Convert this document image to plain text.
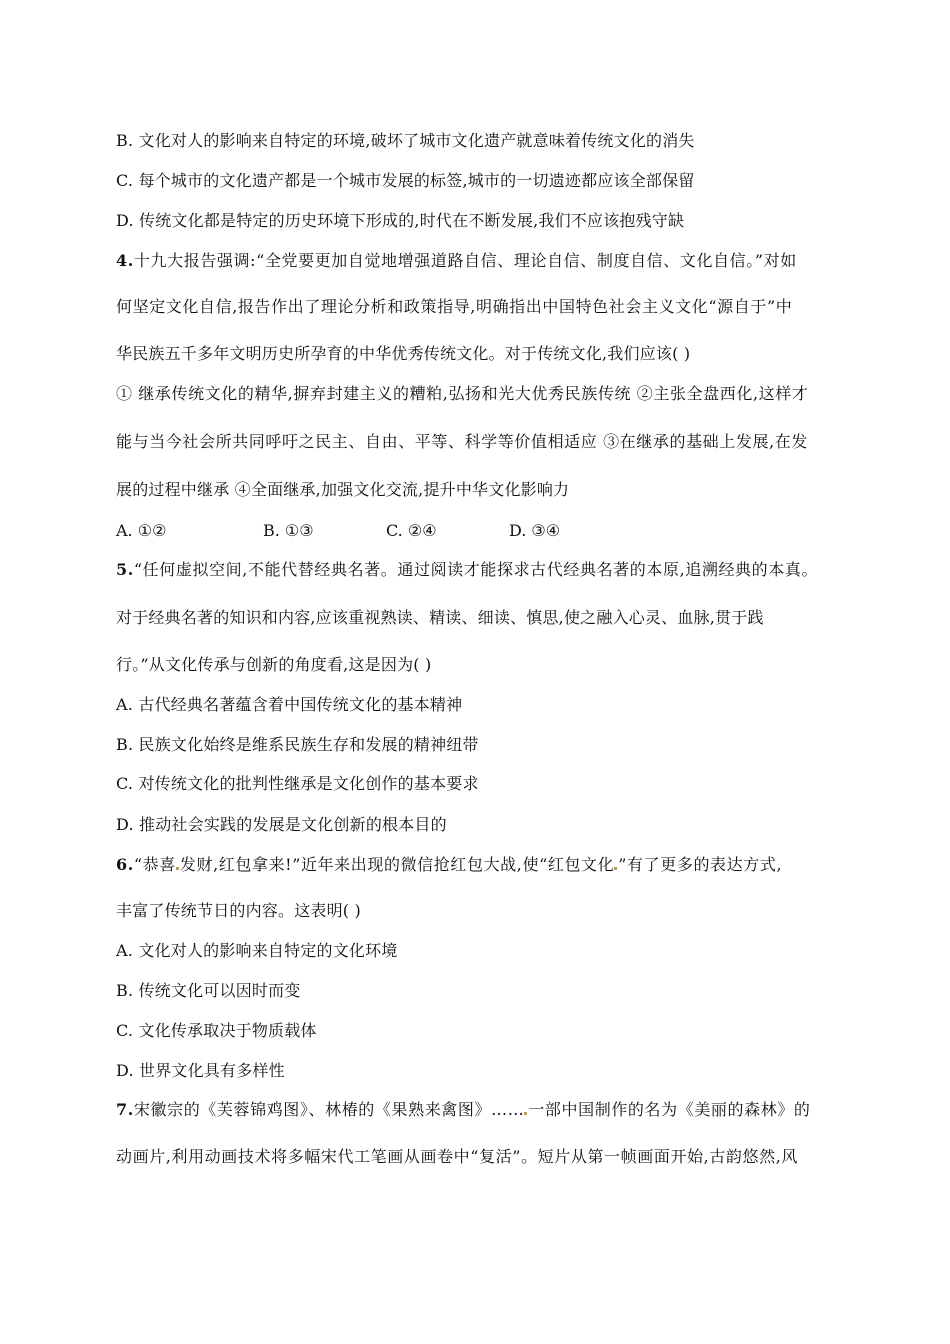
B. 文化对人的影响来自特定的环境,破坏了城市文化遗产就意味着传统文化的消失
C. 每个城市的文化遗产都是一个城市发展的标签,城市的一切遗迹都应该全部保留
D. 传统文化都是特定的历史环境下形成的,时代在不断发展,我们不应该抱残守缺
4.十九大报告强调:“全党要更加自觉地增强道路自信、理论自信、制度自信、文化自信。”对如
何坚定文化自信,报告作出了理论分析和政策指导,明确指出中国特色社会主义文化“源自于”中
华民族五千多年文明历史所孕育的中华优秀传统文化。对于传统文化,我们应该( )
① 继承传统文化的精华,摒弃封建主义的糟粕,弘扬和光大优秀民族传统 ②主张全盘西化,这样才
能与当今社会所共同呼吁之民主、自由、平等、科学等价值相适应 ③在继承的基础上发展,在发
展的过程中继承 ④全面继承,加强文化交流,提升中华文化影响力
A. ①②	B. ①③	C. ②④	D. ③④
5.“任何虚拟空间,不能代替经典名著。通过阅读才能探求古代经典名著的本原,追溯经典的本真。
对于经典名著的知识和内容,应该重视熟读、精读、细读、慎思,使之融入心灵、血脉,贯于践
行。”从文化传承与创新的角度看,这是因为( )
A. 古代经典名著蕴含着中国传统文化的基本精神
B. 民族文化始终是维系民族生存和发展的精神纽带
C. 对传统文化的批判性继承是文化创作的基本要求
D. 推动社会实践的发展是文化创新的根本目的
6.“恭喜 发财,红包拿来!”近年来出现的微信抢红包大战,使“红包文化 ”有了更多的表达方式,
丰富了传统节日的内容。这表明( )
A. 文化对人的影响来自特定的文化环境
B. 传统文化可以因时而变
C. 文化传承取决于物质载体
D. 世界文化具有多样性
7.宋徽宗的《芙蓉锦鸡图》、林椿的《果熟来禽图》…… 一部中国制作的名为《美丽的森林》的
动画片,利用动画技术将多幅宋代工笔画从画卷中“复活”。短片从第一帧画面开始,古韵悠然,风
